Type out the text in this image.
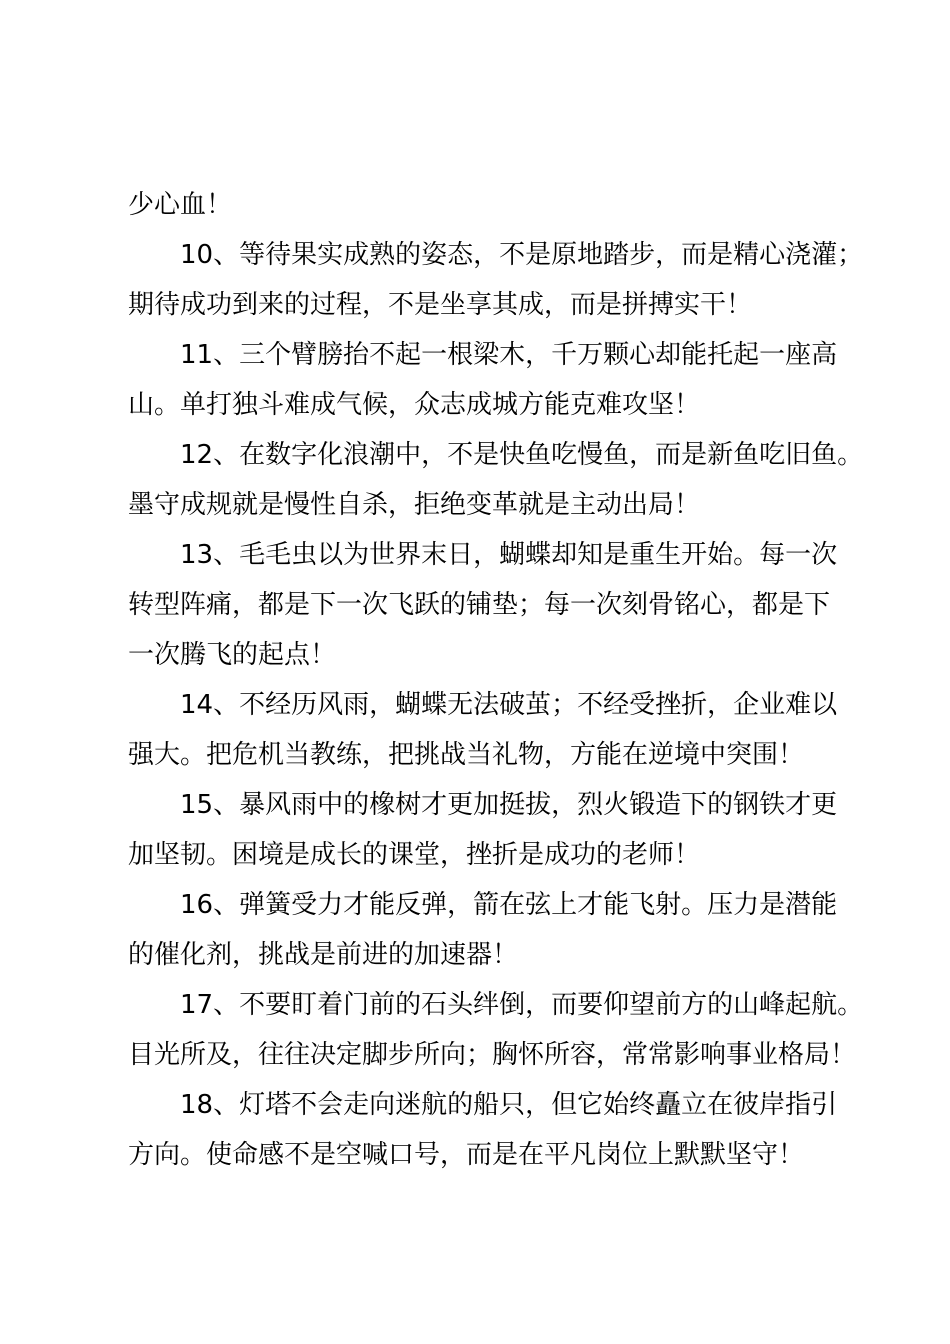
少心血！
10、等待果实成熟的姿态，不是原地踏步，而是精心浇灌；
期待成功到来的过程，不是坐享其成，而是拼搏实干！
11、三个臂膀抬不起一根梁木，千万颗心却能托起一座高
山。单打独斗难成气候，众志成城方能克难攻坚！
12、在数字化浪潮中，不是快鱼吃慢鱼，而是新鱼吃旧鱼。
墨守成规就是慢性自杀，拒绝变革就是主动出局！
13、毛毛虫以为世界末日，蝴蝶却知是重生开始。每一次
转型阵痛，都是下一次飞跃的铺垫；每一次刻骨铭心，都是下
一次腾飞的起点！
14、不经历风雨，蝴蝶无法破茧；不经受挫折，企业难以
强大。把危机当教练，把挑战当礼物，方能在逆境中突围！
15、暴风雨中的橡树才更加挺拔，烈火锻造下的钢铁才更
加坚韧。困境是成长的课堂，挫折是成功的老师！
16、弹簧受力才能反弹，箭在弦上才能飞射。压力是潜能
的催化剂，挑战是前进的加速器！
17、不要盯着门前的石头绊倒，而要仰望前方的山峰起航。
目光所及，往往决定脚步所向；胸怀所容，常常影响事业格局！
18、灯塔不会走向迷航的船只，但它始终矗立在彼岸指引
方向。使命感不是空喊口号，而是在平凡岗位上默默坚守！
